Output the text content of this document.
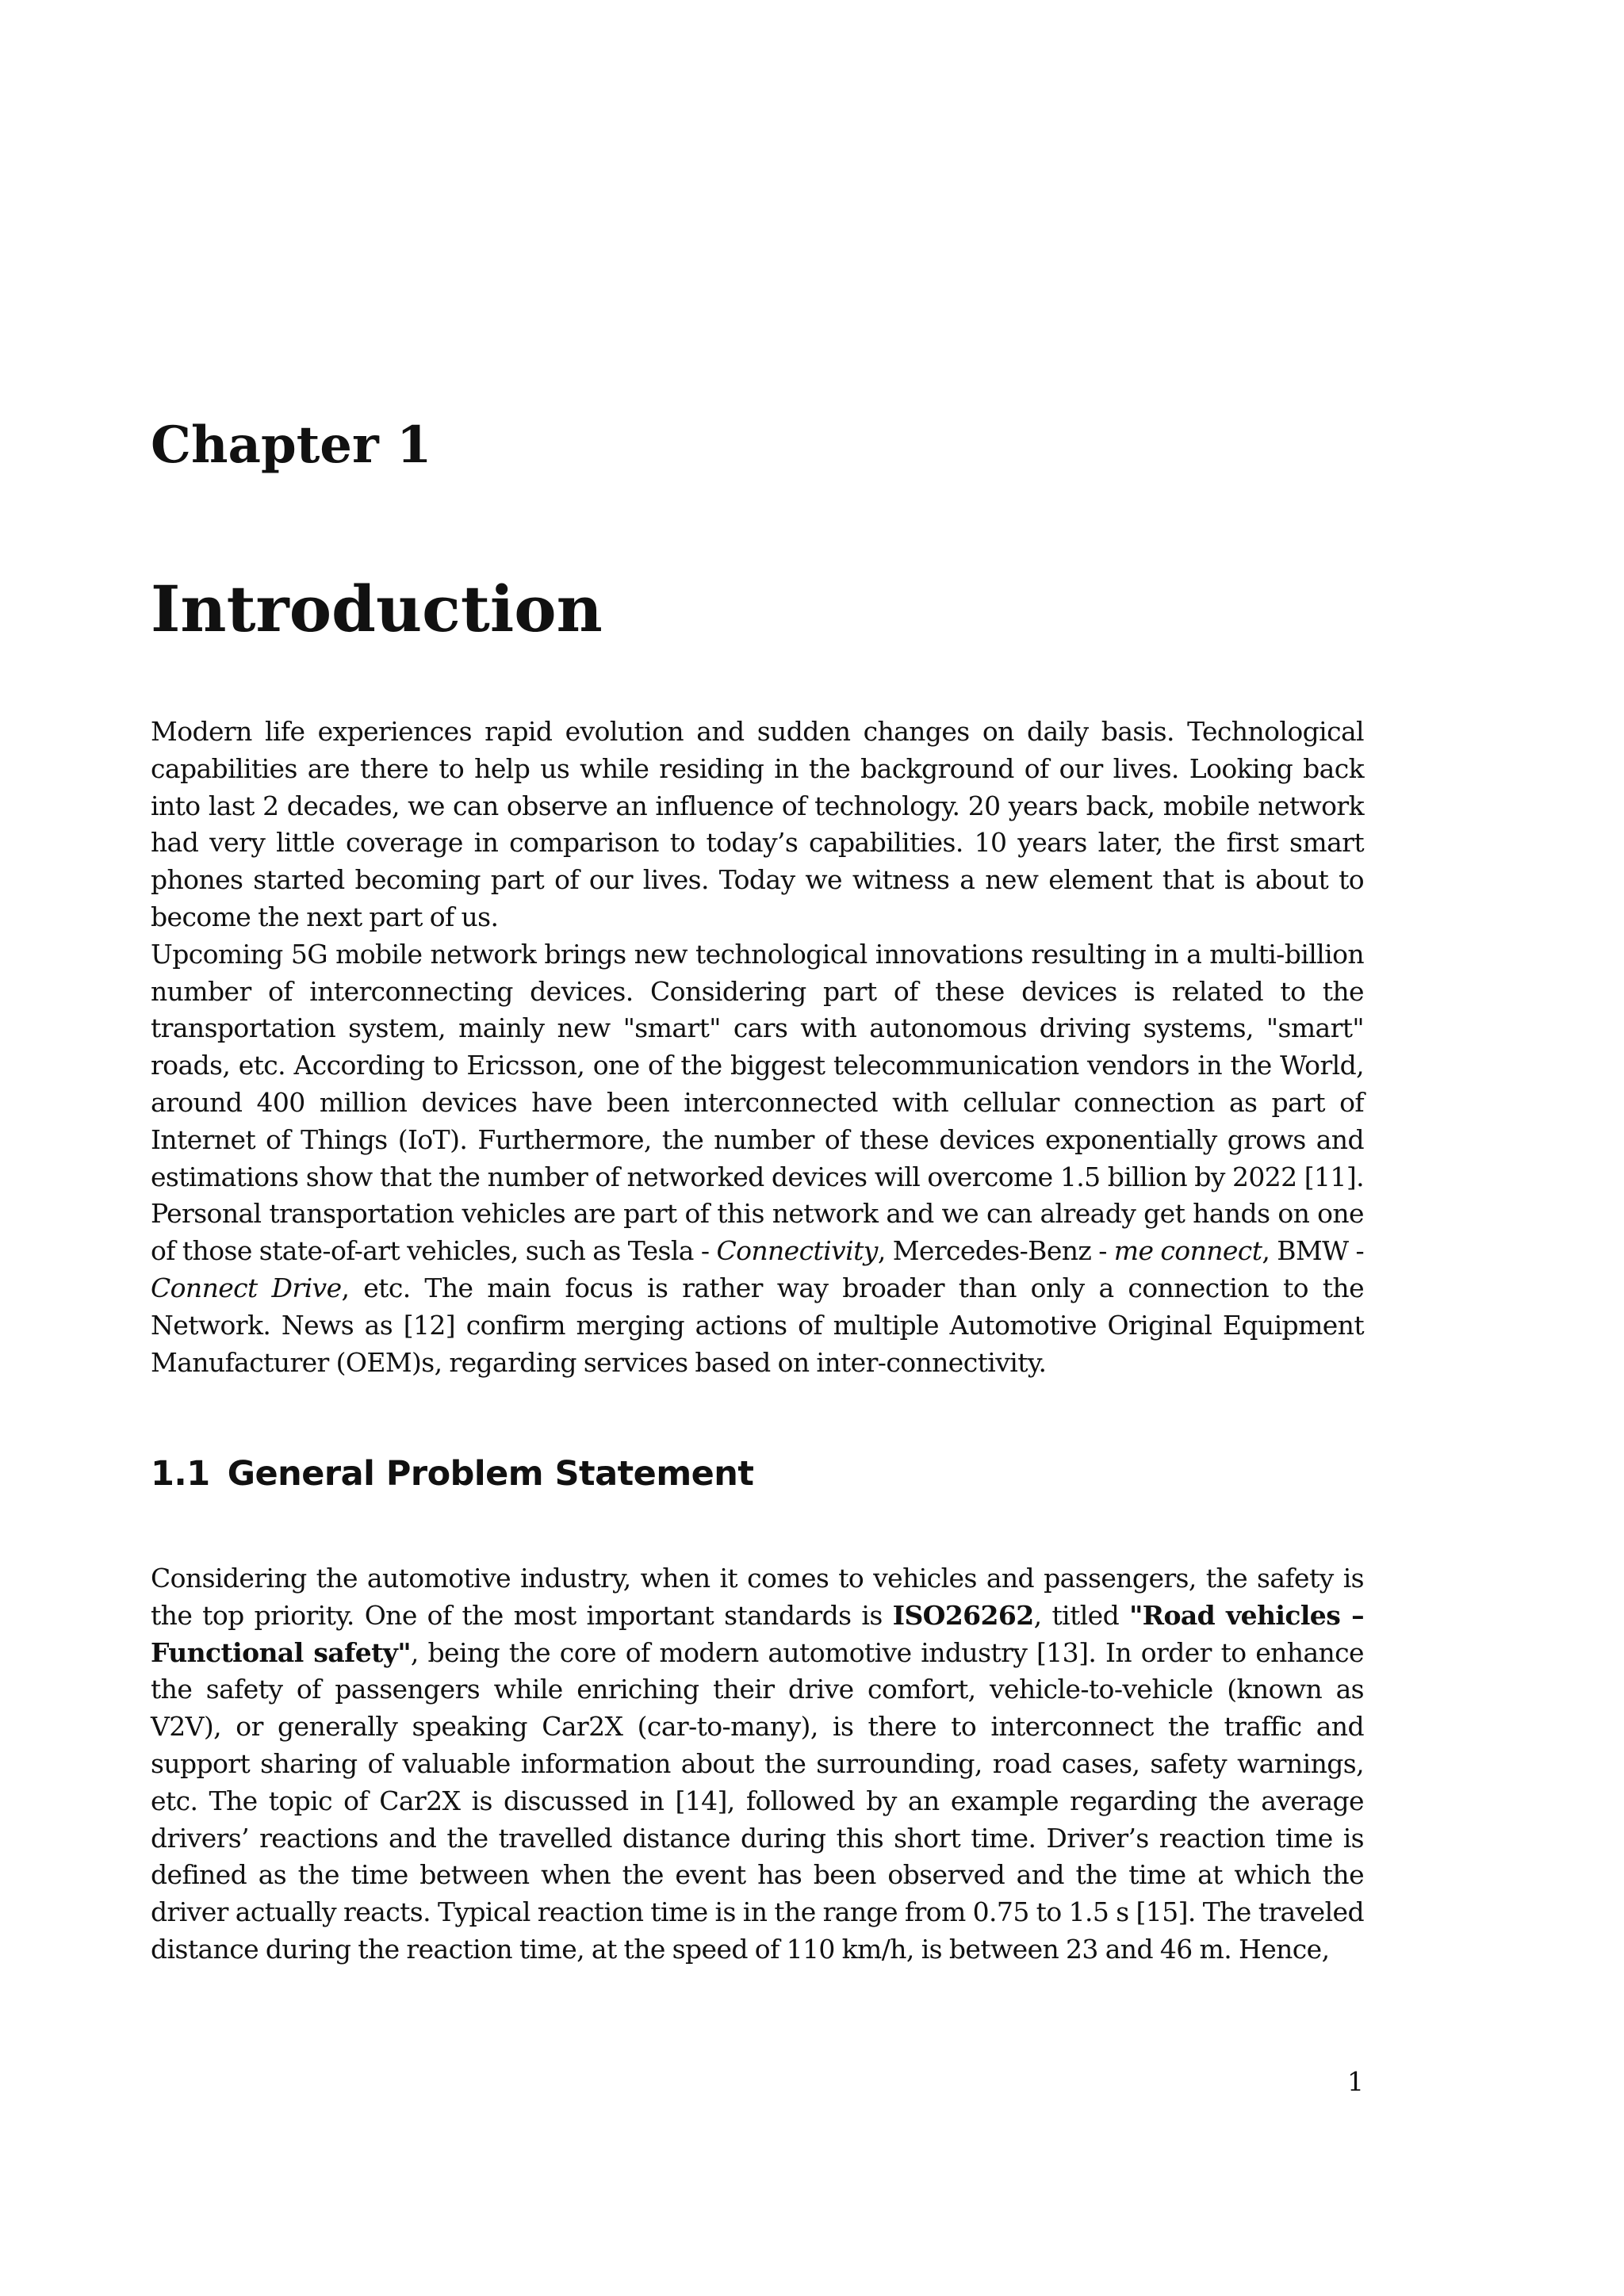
Chapter 1
Introduction
Modern life experiences rapid evolution and sudden changes on daily basis. Technological capabilities are there to help us while residing in the background of our lives. Looking back into last 2 decades, we can observe an influence of technology. 20 years back, mobile network had very little coverage in comparison to today’s capabilities. 10 years later, the first smart phones started becoming part of our lives. Today we witness a new element that is about to become the next part of us.
Upcoming 5G mobile network brings new technological innovations resulting in a multi-billion number of interconnecting devices. Considering part of these devices is related to the transportation system, mainly new "smart" cars with autonomous driving systems, "smart" roads, etc. According to Ericsson, one of the biggest telecommunication vendors in the World, around 400 million devices have been interconnected with cellular connection as part of Internet of Things (IoT). Furthermore, the number of these devices exponentially grows and estimations show that the number of networked devices will overcome 1.5 billion by 2022 [11]. Personal transportation vehicles are part of this network and we can already get hands on one of those state-of-art vehicles, such as Tesla - Connectivity, Mercedes-Benz - me connect, BMW - Connect Drive, etc. The main focus is rather way broader than only a connection to the Network. News as [12] confirm merging actions of multiple Automotive Original Equipment Manufacturer (OEM)s, regarding services based on inter-connectivity.
1.1 General Problem Statement

Considering the automotive industry, when it comes to vehicles and passengers, the safety is the top priority. One of the most important standards is ISO26262, titled "Road vehicles – Functional safety", being the core of modern automotive industry [13]. In order to enhance the safety of passengers while enriching their drive comfort, vehicle-to-vehicle (known as V2V), or generally speaking Car2X (car-to-many), is there to interconnect the traffic and support sharing of valuable information about the surrounding, road cases, safety warnings, etc. The topic of Car2X is discussed in [14], followed by an example regarding the average drivers’ reactions and the travelled distance during this short time. Driver’s reaction time is defined as the time between when the event has been observed and the time at which the driver actually reacts. Typical reaction time is in the range from 0.75 to 1.5 s [15]. The traveled distance during the reaction time, at the speed of 110 km/h, is between 23 and 46 m. Hence,

1
